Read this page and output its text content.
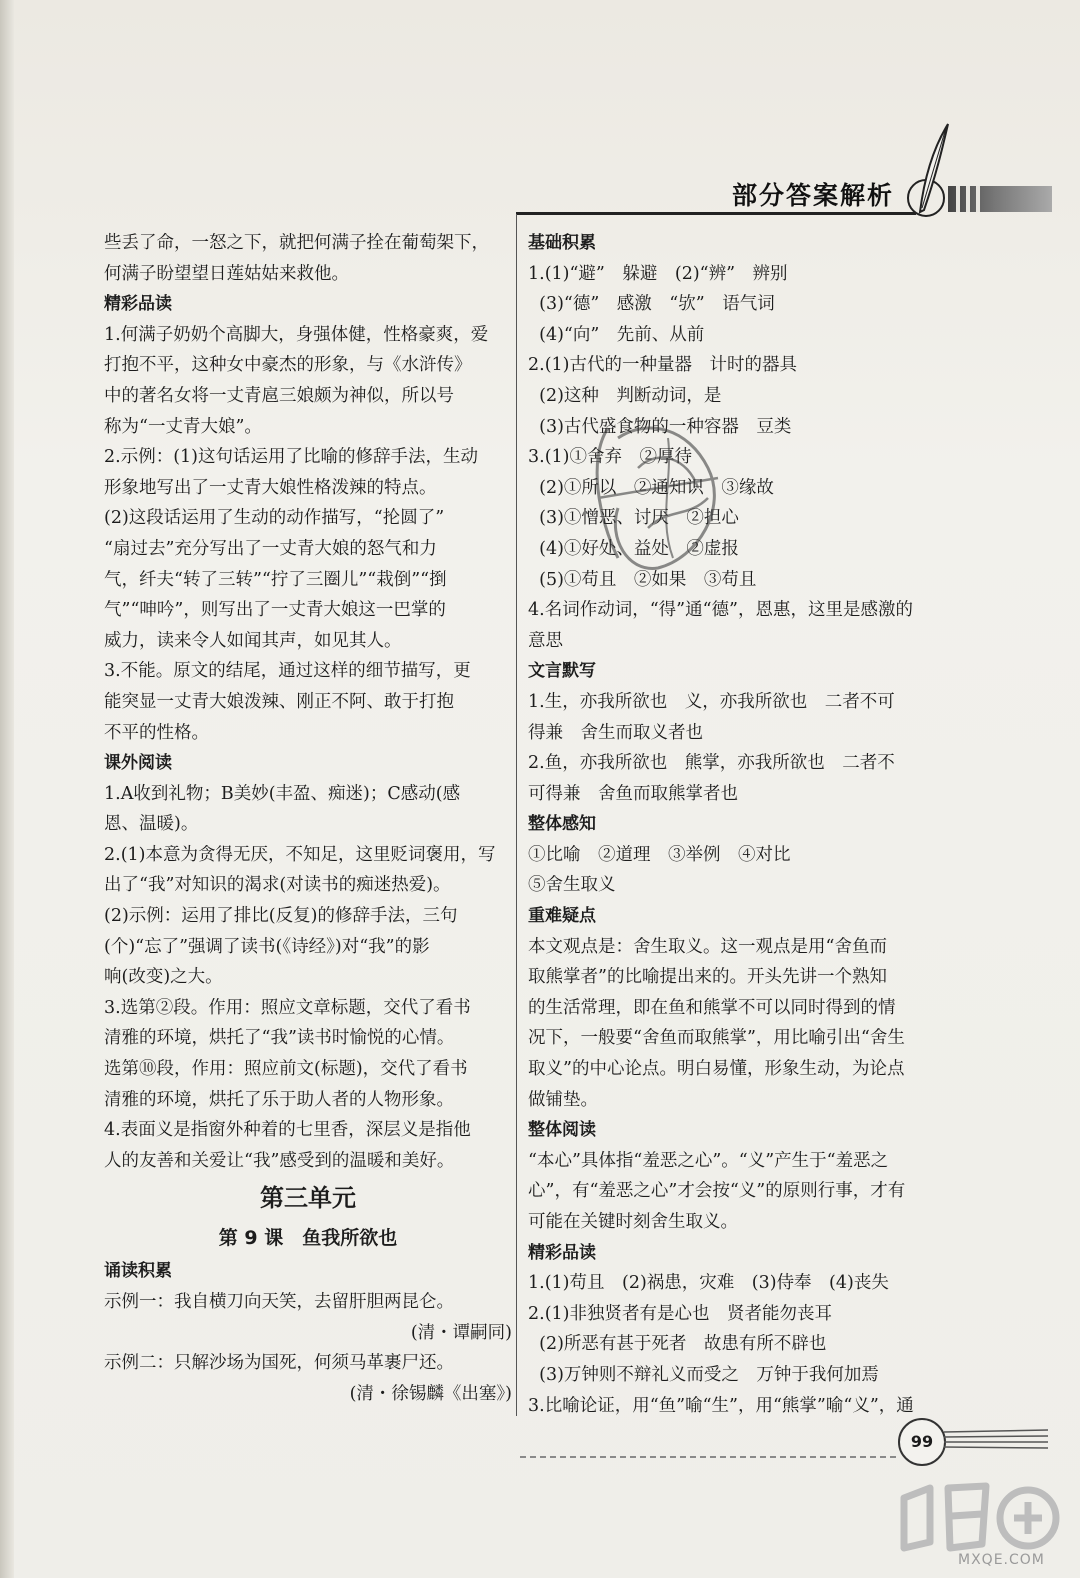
部分答案解析
些丢了命，一怒之下，就把何满子拴在葡萄架下，
何满子盼望望日莲姑姑来救他。
精彩品读
1.何满子奶奶个高脚大，身强体健，性格豪爽，爱
打抱不平，这种女中豪杰的形象，与《水浒传》
中的著名女将一丈青扈三娘颇为神似，所以号
称为“一丈青大娘”。
2.示例：(1)这句话运用了比喻的修辞手法，生动
形象地写出了一丈青大娘性格泼辣的特点。
(2)这段话运用了生动的动作描写，“抡圆了”
“扇过去”充分写出了一丈青大娘的怒气和力
气，纤夫“转了三转”“拧了三圈儿”“栽倒”“捯
气”“呻吟”，则写出了一丈青大娘这一巴掌的
威力，读来令人如闻其声，如见其人。
3.不能。原文的结尾，通过这样的细节描写，更
能突显一丈青大娘泼辣、刚正不阿、敢于打抱
不平的性格。
课外阅读
1.A收到礼物；B美妙(丰盈、痴迷)；C感动(感
恩、温暖)。
2.(1)本意为贪得无厌，不知足，这里贬词褒用，写
出了“我”对知识的渴求(对读书的痴迷热爱)。
(2)示例：运用了排比(反复)的修辞手法，三句
(个)“忘了”强调了读书(《诗经》)对“我”的影
响(改变)之大。
3.选第②段。作用：照应文章标题，交代了看书
清雅的环境，烘托了“我”读书时愉悦的心情。
选第⑩段，作用：照应前文(标题)，交代了看书
清雅的环境，烘托了乐于助人者的人物形象。
4.表面义是指窗外种着的七里香，深层义是指他
人的友善和关爱让“我”感受到的温暖和美好。
第三单元
第 9 课　鱼我所欲也
诵读积累
示例一：我自横刀向天笑，去留肝胆两昆仑。
(清・谭嗣同)
示例二：只解沙场为国死，何须马革裹尸还。
(清・徐锡麟《出塞》)
基础积累
1.(1)“避”　躲避　(2)“辨”　辨别
(3)“德”　感激　“欤”　语气词
(4)“向”　先前、从前
2.(1)古代的一种量器　计时的器具
(2)这种　判断动词，是
(3)古代盛食物的一种容器　豆类
3.(1)①舍弃　②厚待
(2)①所以　②通知识　③缘故
(3)①憎恶、讨厌　②担心
(4)①好处、益处　②虚报
(5)①苟且　②如果　③苟且
4.名词作动词，“得”通“德”，恩惠，这里是感激的
意思
文言默写
1.生，亦我所欲也　义，亦我所欲也　二者不可
得兼　舍生而取义者也
2.鱼，亦我所欲也　熊掌，亦我所欲也　二者不
可得兼　舍鱼而取熊掌者也
整体感知
①比喻　②道理　③举例　④对比
⑤舍生取义
重难疑点
本文观点是：舍生取义。这一观点是用“舍鱼而
取熊掌者”的比喻提出来的。开头先讲一个熟知
的生活常理，即在鱼和熊掌不可以同时得到的情
况下，一般要“舍鱼而取熊掌”，用比喻引出“舍生
取义”的中心论点。明白易懂，形象生动，为论点
做铺垫。
整体阅读
“本心”具体指“羞恶之心”。“义”产生于“羞恶之
心”，有“羞恶之心”才会按“义”的原则行事，才有
可能在关键时刻舍生取义。
精彩品读
1.(1)苟且　(2)祸患，灾难　(3)侍奉　(4)丧失
2.(1)非独贤者有是心也　贤者能勿丧耳
(2)所恶有甚于死者　故患有所不辟也
(3)万钟则不辩礼义而受之　万钟于我何加焉
3.比喻论证，用“鱼”喻“生”，用“熊掌”喻“义”，通
99
MXQE.COM
